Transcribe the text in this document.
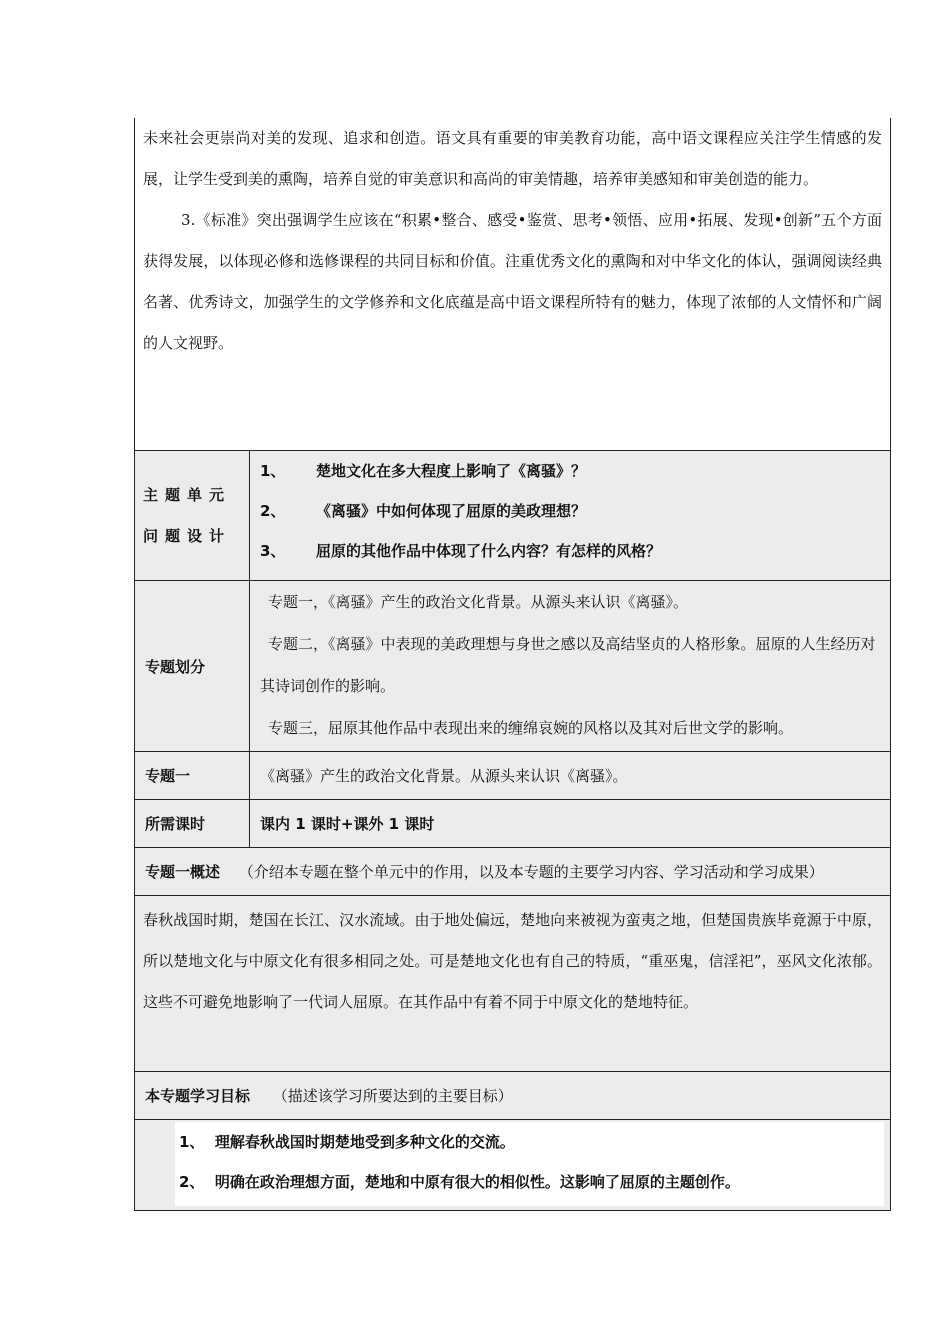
未来社会更崇尚对美的发现、追求和创造。语文具有重要的审美教育功能，高中语文课程应关注学生情感的发展，让学生受到美的熏陶，培养自觉的审美意识和高尚的审美情趣，培养审美感知和审美创造的能力。
3.《标准》突出强调学生应该在“积累•整合、感受•鉴赏、思考•领悟、应用•拓展、发现•创新”五个方面获得发展，以体现必修和选修课程的共同目标和价值。注重优秀文化的熏陶和对中华文化的体认，强调阅读经典名著、优秀诗文，加强学生的文学修养和文化底蕴是高中语文课程所特有的魅力，体现了浓郁的人文情怀和广阔的人文视野。	

主题单元问题设计	1、 楚地文化在多大程度上影响了《离骚》？
2、 《离骚》中如何体现了屈原的美政理想？
3、 屈原的其他作品中体现了什么内容？有怎样的风格？

专题划分	专题一，《离骚》产生的政治文化背景。从源头来认识《离骚》。
专题二，《离骚》中表现的美政理想与身世之感以及高结坚贞的人格形象。屈原的人生经历对其诗词创作的影响。
专题三，屈原其他作品中表现出来的缠绵哀婉的风格以及其对后世文学的影响。

专题一	《离骚》产生的政治文化背景。从源头来认识《离骚》。

所需课时	课内 1 课时+课外 1 课时

专题一概述 （介绍本专题在整个单元中的作用，以及本专题的主要学习内容、学习活动和学习成果）	

春秋战国时期，楚国在长江、汉水流域。由于地处偏远，楚地向来被视为蛮夷之地，但楚国贵族毕竟源于中原，所以楚地文化与中原文化有很多相同之处。可是楚地文化也有自己的特质，“重巫鬼，信淫祀”，巫风文化浓郁。这些不可避免地影响了一代词人屈原。在其作品中有着不同于中原文化的楚地特征。	

本专题学习目标 （描述该学习所要达到的主要目标）	

1、 理解春秋战国时期楚地受到多种文化的交流。
2、 明确在政治理想方面，楚地和中原有很大的相似性。这影响了屈原的主题创作。	
